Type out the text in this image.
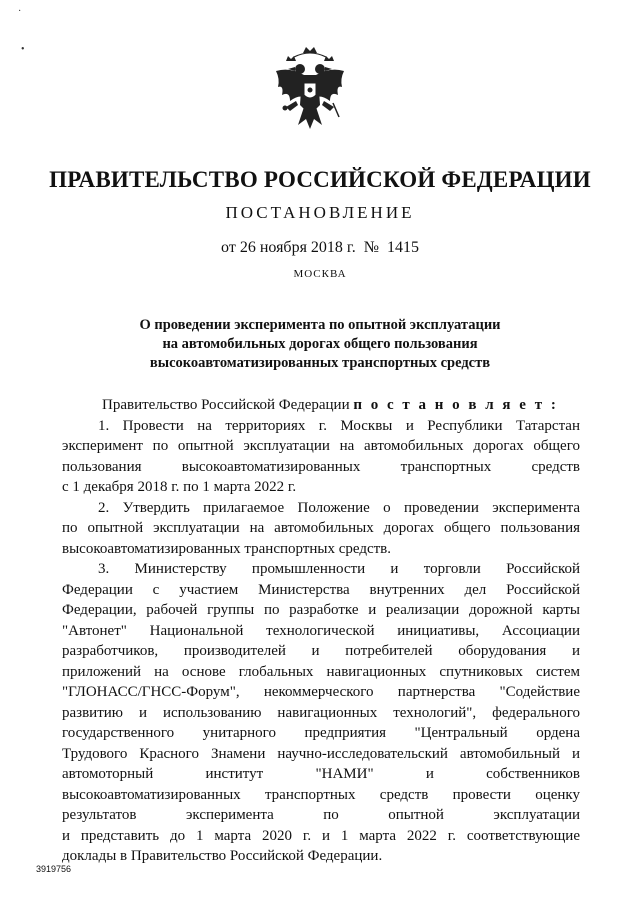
·
•
ПРАВИТЕЛЬСТВО РОССИЙСКОЙ ФЕДЕРАЦИИ
ПОСТАНОВЛЕНИЕ
от 26 ноября 2018 г.  №  1415
МОСКВА
О проведении эксперимента по опытной эксплуатации
на автомобильных дорогах общего пользования
высокоавтоматизированных транспортных средств
Правительство Российской Федерации п о с т а н о в л я е т :
1. Провести на территориях г. Москвы и Республики Татарстан
эксперимент по опытной эксплуатации на автомобильных дорогах общего
пользования высокоавтоматизированных транспортных средств
с 1 декабря 2018 г. по 1 марта 2022 г.
2. Утвердить прилагаемое Положение о проведении эксперимента
по опытной эксплуатации на автомобильных дорогах общего пользования
высокоавтоматизированных транспортных средств.
3. Министерству промышленности и торговли Российской
Федерации с участием Министерства внутренних дел Российской
Федерации, рабочей группы по разработке и реализации дорожной карты
"Автонет" Национальной технологической инициативы, Ассоциации
разработчиков, производителей и потребителей оборудования и
приложений на основе глобальных навигационных спутниковых систем
"ГЛОНАСС/ГНСС-Форум", некоммерческого партнерства "Содействие
развитию и использованию навигационных технологий", федерального
государственного унитарного предприятия "Центральный ордена
Трудового Красного Знамени научно-исследовательский автомобильный и
автомоторный институт "НАМИ" и собственников
высокоавтоматизированных транспортных средств провести оценку
результатов эксперимента по опытной эксплуатации
и представить до 1 марта 2020 г. и 1 марта 2022 г. соответствующие
доклады в Правительство Российской Федерации.
3919756
